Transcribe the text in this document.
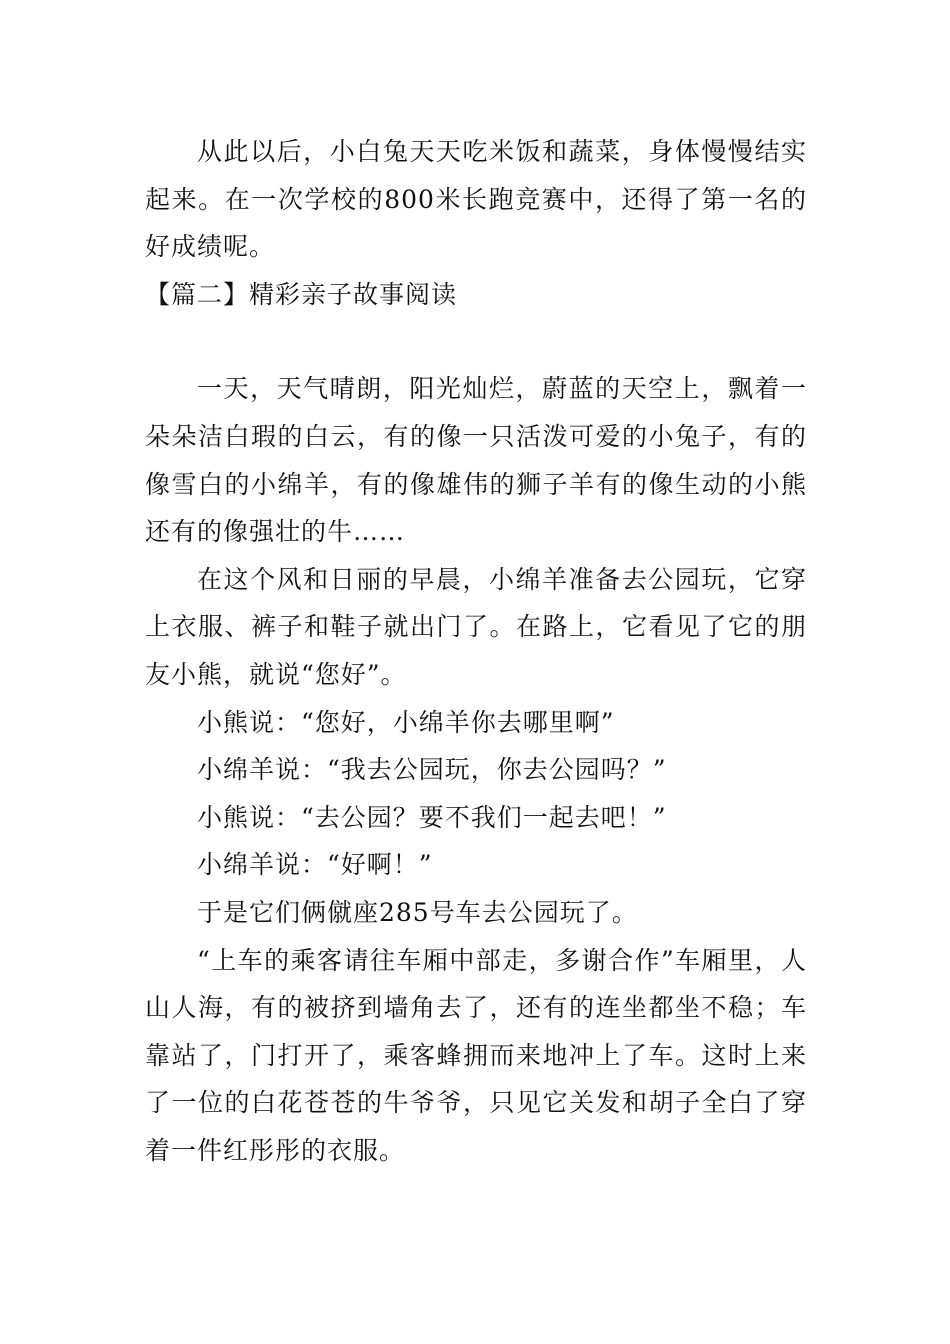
从此以后，小白兔天天吃米饭和蔬菜，身体慢慢结实起来。在一次学校的800米长跑竞赛中，还得了第一名的好成绩呢。

【篇二】精彩亲子故事阅读

一天，天气晴朗，阳光灿烂，蔚蓝的天空上，飘着一朵朵洁白瑕的白云，有的像一只活泼可爱的小兔子，有的像雪白的小绵羊，有的像雄伟的狮子羊有的像生动的小熊还有的像强壮的牛……

在这个风和日丽的早晨，小绵羊准备去公园玩，它穿上衣服、裤子和鞋子就出门了。在路上，它看见了它的朋友小熊，就说“您好”。

小熊说：“您好，小绵羊你去哪里啊”

小绵羊说：“我去公园玩，你去公园吗？”

小熊说：“去公园？要不我们一起去吧！”

小绵羊说：“好啊！”

于是它们俩僦座285号车去公园玩了。

“上车的乘客请往车厢中部走，多谢合作”车厢里，人山人海，有的被挤到墙角去了，还有的连坐都坐不稳；车靠站了，门打开了，乘客蜂拥而来地冲上了车。这时上来了一位的白花苍苍的牛爷爷，只见它关发和胡子全白了穿着一件红彤彤的衣服。
